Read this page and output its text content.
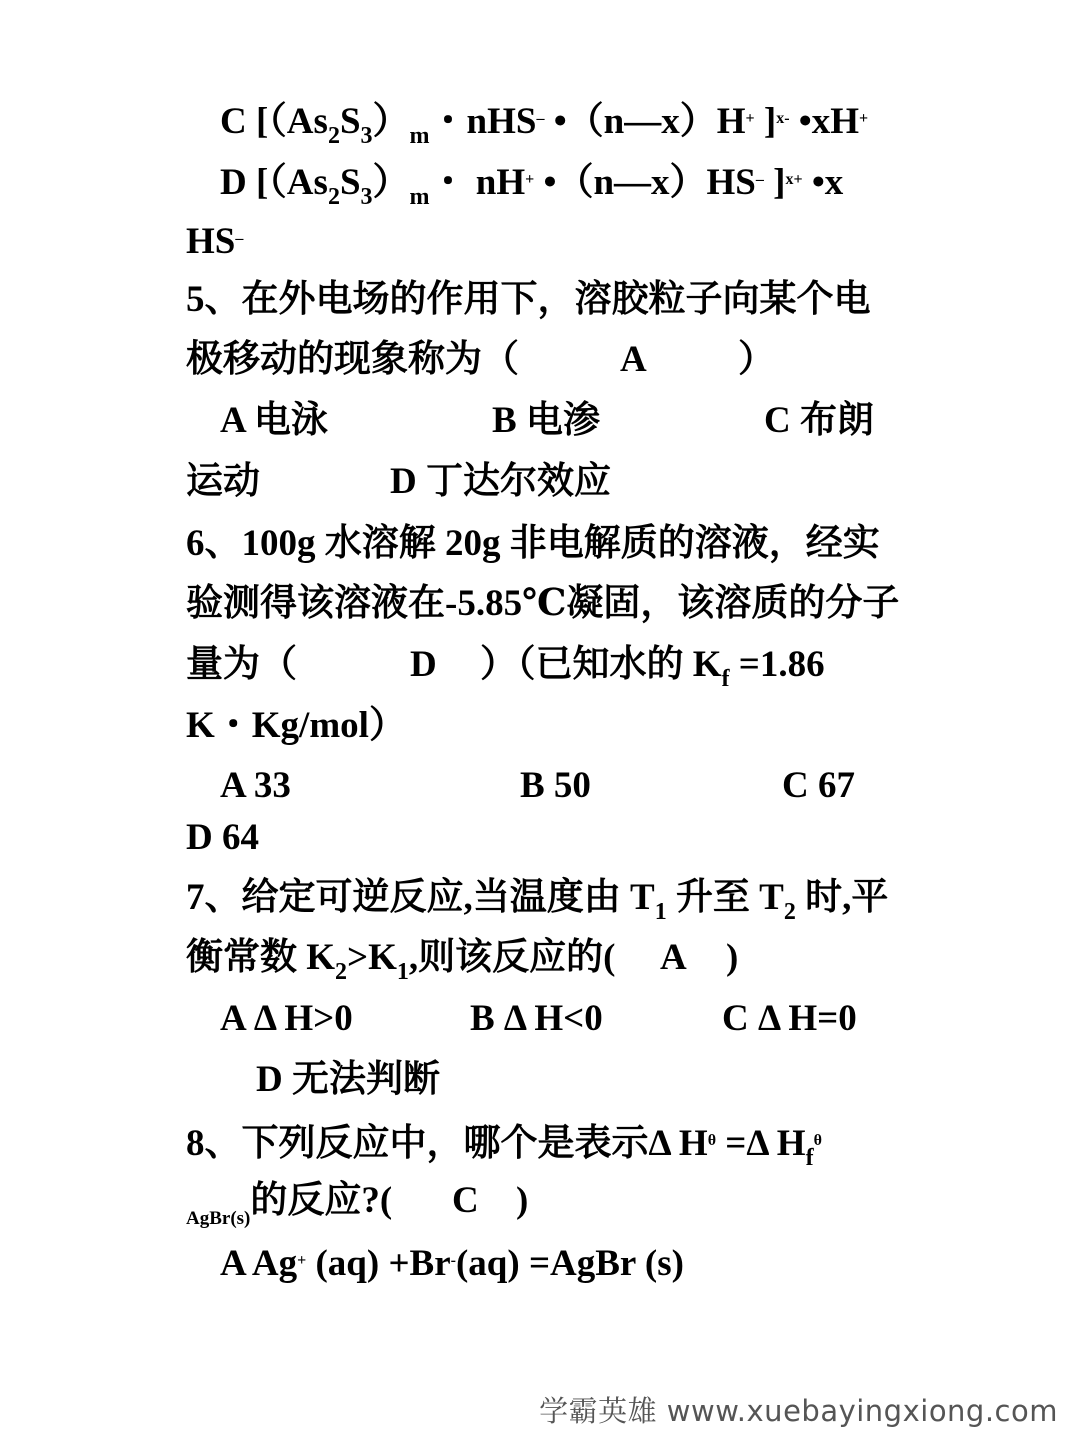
C [$(As_2S_3)_m$・nHS– •（n—x）H+ ]$^{x-}$ •xH+
D [$(As_2S_3)_m$・ nH+ •（n—x）HS– ]$^{x+}$ •x
HS–
5、在外电场的作用下，溶胶粒子向某个电
极移动的现象称为（	A ）
A 电泳	B 电渗	C 布朗
运动	D 丁达尔效应
6、100g 水溶解 20g 非电解质的溶液，经实
验测得该溶液在-5.85℃凝固，该溶质的分子
量为（	D ）（已知水的 $K_f =1.86$
K・Kg/mol）
A 33	B 50	C 67
D 64
7、给定可逆反应,当温度由 $T_1$ 升至 $T_2$ 时,平
衡常数 $K_2>K_1$,则该反应的( A )
A Δ H>0	B Δ H<0	C Δ H=0
D 无法判断
8、下列反应中，哪个是表示Δ $H^\theta =\Delta$ $H_f^\theta$
$_{AgBr(s)}$的反应?( C )
A Ag+ (aq) +Br-(aq) =AgBr (s)
学霸英雄 www.xuebayingxiong.com
